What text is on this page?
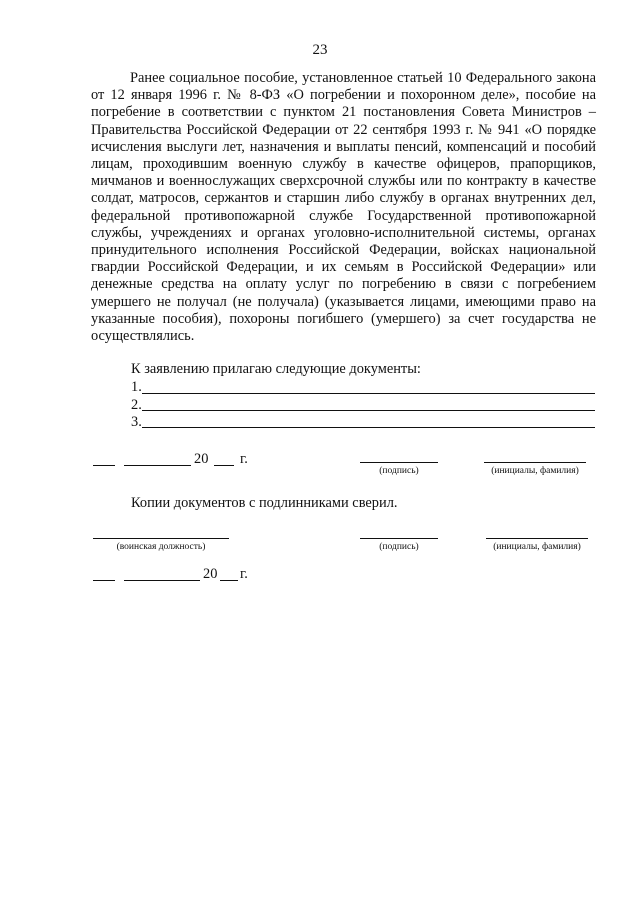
23
Ранее социальное пособие, установленное статьей 10 Федерального закона от 12 января 1996 г. № 8-ФЗ «О погребении и похоронном деле», пособие на погребение в соответствии с пунктом 21 постановления Совета Министров – Правительства Российской Федерации от 22 сентября 1993 г. № 941 «О порядке исчисления выслуги лет, назначения и выплаты пенсий, компенсаций и пособий лицам, проходившим военную службу в качестве офицеров, прапорщиков, мичманов и военнослужащих сверхсрочной службы или по контракту в качестве солдат, матросов, сержантов и старшин либо службу в органах внутренних дел, федеральной противопожарной службе Государственной противопожарной службы, учреждениях и органах уголовно-исполнительной системы, органах принудительного исполнения Российской Федерации, войсках национальной гвардии Российской Федерации, и их семьям в Российской Федерации» или денежные средства на оплату услуг по погребению в связи с погребением умершего не получал (не получала) (указывается лицами, имеющими право на указанные пособия), похороны погибшего (умершего) за счет государства не осуществлялись.
К заявлению прилагаю следующие документы:
1.
2.
3.
20 г.
(подпись)	(инициалы, фамилия)
Копии документов с подлинниками сверил.
(воинская должность)	(подпись)	(инициалы, фамилия)
20 г.
